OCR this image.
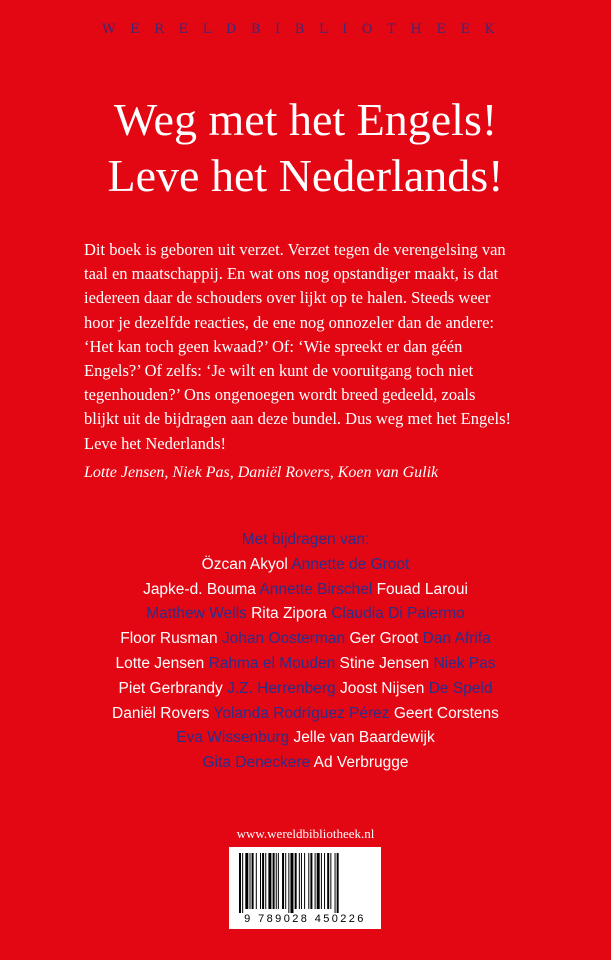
WERELDBIBLIOTHEEK
Weg met het Engels!
Leve het Nederlands!
Dit boek is geboren uit verzet. Verzet tegen de verengelsing van taal en maatschappij. En wat ons nog opstandiger maakt, is dat iedereen daar de schouders over lijkt op te halen. Steeds weer hoor je dezelfde reacties, de ene nog onnozeler dan de andere: ‘Het kan toch geen kwaad?’ Of: ‘Wie spreekt er dan géén Engels?’ Of zelfs: ‘Je wilt en kunt de vooruitgang toch niet tegenhouden?’ Ons ongenoegen wordt breed gedeeld, zoals blijkt uit de bijdragen aan deze bundel. Dus weg met het Engels! Leve het Nederlands!
Lotte Jensen, Niek Pas, Daniël Rovers, Koen van Gulik
Met bijdragen van:
Özcan Akyol Annette de Groot
Japke-d. Bouma Annette Birschel Fouad Laroui
Matthew Wells Rita Zipora Claudia Di Palermo
Floor Rusman Johan Oosterman Ger Groot Dan Afrifa
Lotte Jensen Rahma el Mouden Stine Jensen Niek Pas
Piet Gerbrandy J.Z. Herrenberg Joost Nijsen De Speld
Daniël Rovers Yolanda Rodríguez Pérez Geert Corstens
Eva Wissenburg Jelle van Baardewijk
Gita Deneckere Ad Verbrugge
www.wereldbibliotheek.nl
9 789028 450226
